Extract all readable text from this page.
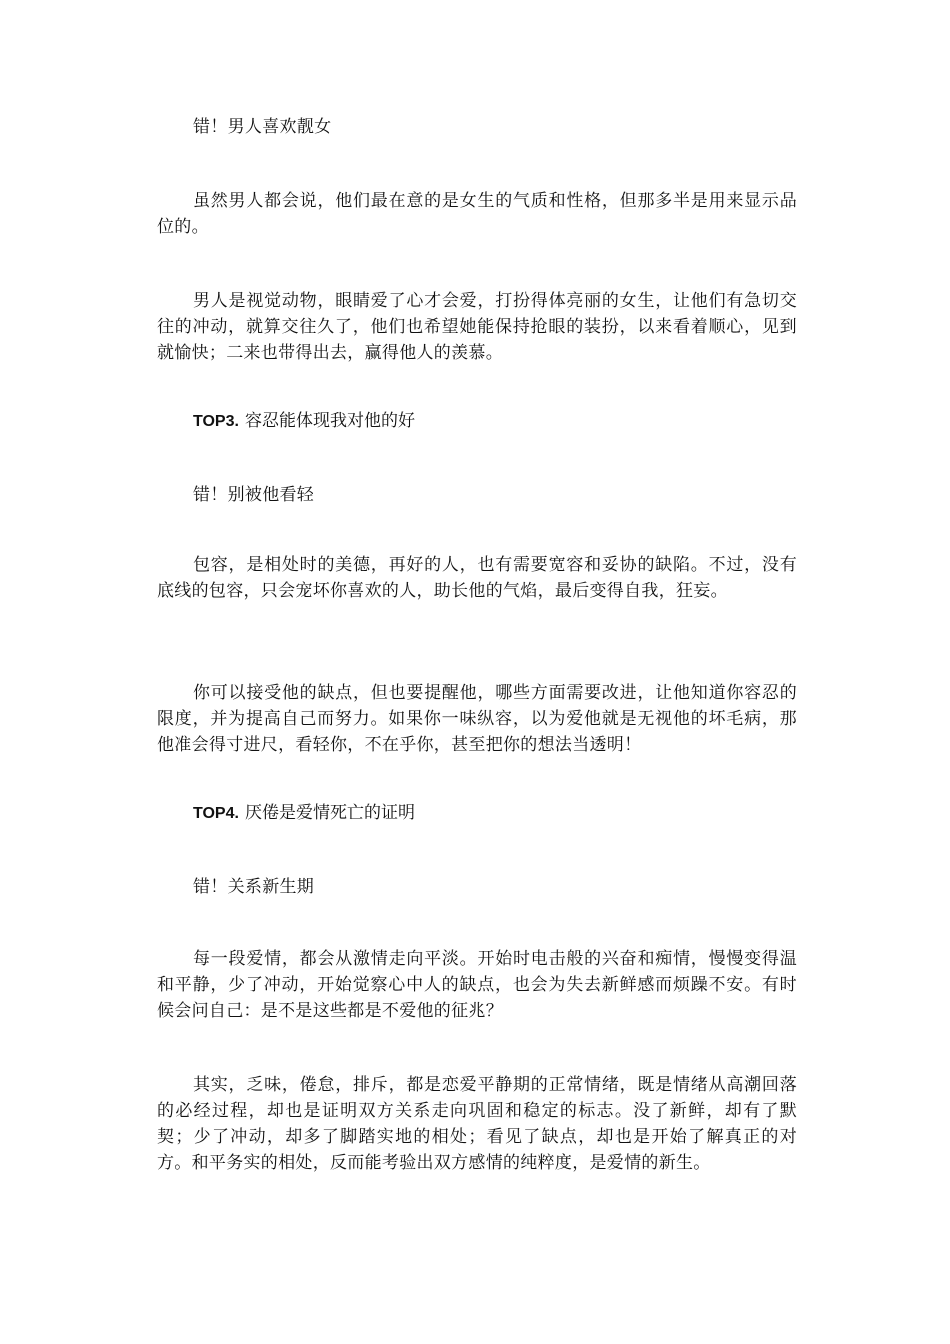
错！男人喜欢靓女

虽然男人都会说，他们最在意的是女生的气质和性格，但那多半是用来显示品位的。

男人是视觉动物，眼睛爱了心才会爱，打扮得体亮丽的女生，让他们有急切交往的冲动，就算交往久了，他们也希望她能保持抢眼的装扮，以来看着顺心，见到就愉快；二来也带得出去，赢得他人的羡慕。

TOP3. 容忍能体现我对他的好

错！别被他看轻

包容，是相处时的美德，再好的人，也有需要宽容和妥协的缺陷。不过，没有底线的包容，只会宠坏你喜欢的人，助长他的气焰，最后变得自我，狂妄。

你可以接受他的缺点，但也要提醒他，哪些方面需要改进，让他知道你容忍的限度，并为提高自己而努力。如果你一味纵容，以为爱他就是无视他的坏毛病，那他准会得寸进尺，看轻你，不在乎你，甚至把你的想法当透明！

TOP4. 厌倦是爱情死亡的证明

错！关系新生期

每一段爱情，都会从激情走向平淡。开始时电击般的兴奋和痴情，慢慢变得温和平静，少了冲动，开始觉察心中人的缺点，也会为失去新鲜感而烦躁不安。有时候会问自己：是不是这些都是不爱他的征兆？

其实，乏味，倦怠，排斥，都是恋爱平静期的正常情绪，既是情绪从高潮回落的必经过程，却也是证明双方关系走向巩固和稳定的标志。没了新鲜，却有了默契；少了冲动，却多了脚踏实地的相处；看见了缺点，却也是开始了解真正的对方。和平务实的相处，反而能考验出双方感情的纯粹度，是爱情的新生。
